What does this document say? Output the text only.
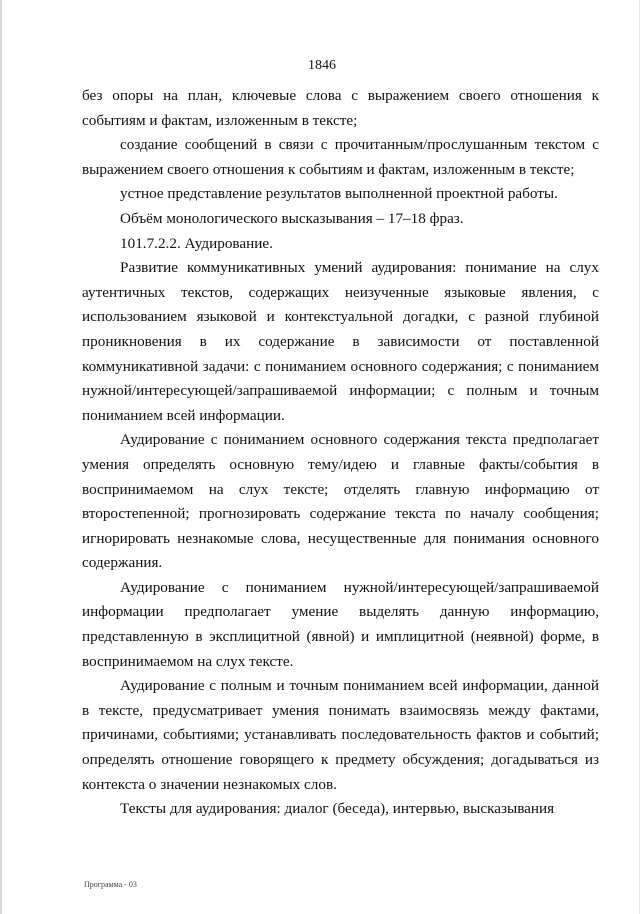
1846

без опоры на план, ключевые слова с выражением своего отношения к событиям и фактам, изложенным в тексте;

создание сообщений в связи с прочитанным/прослушанным текстом с выражением своего отношения к событиям и фактам, изложенным в тексте;

устное представление результатов выполненной проектной работы.

Объём монологического высказывания – 17–18 фраз.

101.7.2.2. Аудирование.

Развитие коммуникативных умений аудирования: понимание на слух аутентичных текстов, содержащих неизученные языковые явления, с использованием языковой и контекстуальной догадки, с разной глубиной проникновения в их содержание в зависимости от поставленной коммуникативной задачи: с пониманием основного содержания; с пониманием нужной/интересующей/запрашиваемой информации; с полным и точным пониманием всей информации.

Аудирование с пониманием основного содержания текста предполагает умения определять основную тему/идею и главные факты/события в воспринимаемом на слух тексте; отделять главную информацию от второстепенной; прогнозировать содержание текста по началу сообщения; игнорировать незнакомые слова, несущественные для понимания основного содержания.

Аудирование с пониманием нужной/интересующей/запрашиваемой информации предполагает умение выделять данную информацию, представленную в эксплицитной (явной) и имплицитной (неявной) форме, в воспринимаемом на слух тексте.

Аудирование с полным и точным пониманием всей информации, данной в тексте, предусматривает умения понимать взаимосвязь между фактами, причинами, событиями; устанавливать последовательность фактов и событий; определять отношение говорящего к предмету обсуждения; догадываться из контекста о значении незнакомых слов.

Тексты для аудирования: диалог (беседа), интервью, высказывания

Программа - 03
